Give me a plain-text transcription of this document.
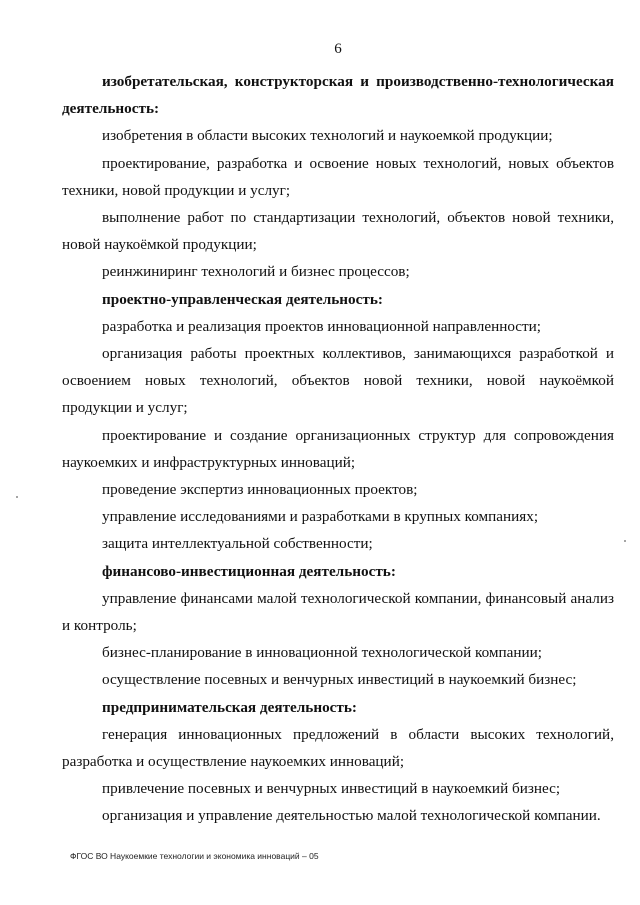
6

изобретательская, конструкторская и производственно-технологическая деятельность:

изобретения в области высоких технологий и наукоемкой продукции;

проектирование, разработка и освоение новых технологий, новых объектов техники, новой продукции и услуг;

выполнение работ по стандартизации технологий, объектов новой техники, новой наукоёмкой продукции;

реинжиниринг технологий и бизнес процессов;

проектно-управленческая деятельность:

разработка и реализация проектов инновационной направленности;

организация работы проектных коллективов, занимающихся разработкой и освоением новых технологий, объектов новой техники, новой наукоёмкой продукции и услуг;

проектирование и создание организационных структур для сопровождения наукоемких и инфраструктурных инноваций;

проведение экспертиз инновационных проектов;

управление исследованиями и разработками в крупных компаниях;

защита интеллектуальной собственности;

финансово-инвестиционная деятельность:

управление финансами малой технологической компании, финансовый анализ и контроль;

бизнес-планирование в инновационной технологической компании;

осуществление посевных и венчурных инвестиций в наукоемкий бизнес;

предпринимательская деятельность:

генерация инновационных предложений в области высоких технологий, разработка и осуществление наукоемких инноваций;

привлечение посевных и венчурных инвестиций в наукоемкий бизнес;

организация и управление деятельностью малой технологической компании.

ФГОС ВО Наукоемкие технологии и экономика инноваций – 05
